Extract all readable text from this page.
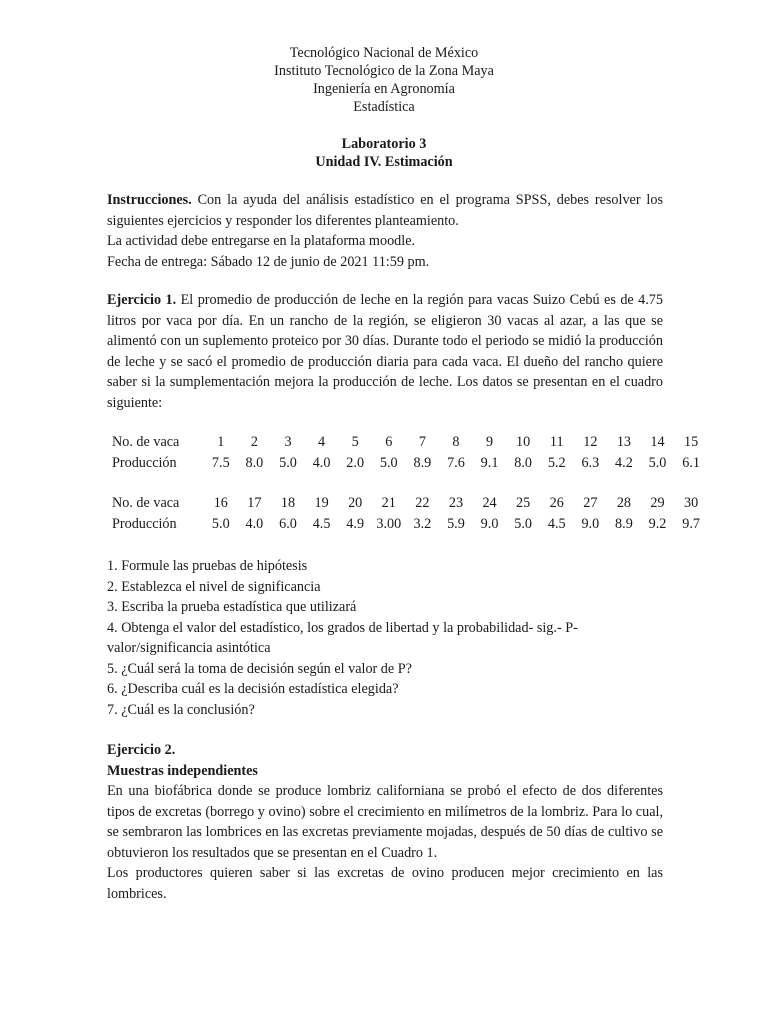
Tecnológico Nacional de México
Instituto Tecnológico de la Zona Maya
Ingeniería en Agronomía
Estadística
Laboratorio 3
Unidad IV. Estimación
Instrucciones. Con la ayuda del análisis estadístico en el programa SPSS, debes resolver los siguientes ejercicios y responder los diferentes planteamiento.
La actividad debe entregarse en la plataforma moodle.
Fecha de entrega: Sábado 12 de junio de 2021 11:59 pm.
Ejercicio 1. El promedio de producción de leche en la región para vacas Suizo Cebú es de 4.75 litros por vaca por día. En un rancho de la región, se eligieron 30 vacas al azar, a las que se alimentó con un suplemento proteico por 30 días. Durante todo el periodo se midió la producción de leche y se sacó el promedio de producción diaria para cada vaca. El dueño del rancho quiere saber si la sumplementación mejora la producción de leche. Los datos se presentan en el cuadro siguiente:
No. de vaca	1	2	3	4	5	6	7	8	9	10	11	12	13	14	15
Producción	7.5	8.0	5.0	4.0	2.0	5.0	8.9	7.6	9.1	8.0	5.2	6.3	4.2	5.0	6.1
No. de vaca	16	17	18	19	20	21	22	23	24	25	26	27	28	29	30
Producción	5.0	4.0	6.0	4.5	4.9	3.00	3.2	5.9	9.0	5.0	4.5	9.0	8.9	9.2	9.7
1. Formule las pruebas de hipótesis
2. Establezca el nivel de significancia
3. Escriba la prueba estadística que utilizará
4. Obtenga el valor del estadístico, los grados de libertad y la probabilidad- sig.- P-valor/significancia asintótica
5. ¿Cuál será la toma de decisión según el valor de P?
6. ¿Describa cuál es la decisión estadística elegida?
7. ¿Cuál es la conclusión?
Ejercicio 2.
Muestras independientes
En una biofábrica donde se produce lombriz californiana se probó el efecto de dos diferentes tipos de excretas (borrego y ovino) sobre el crecimiento en milímetros de la lombriz. Para lo cual, se sembraron las lombrices en las excretas previamente mojadas, después de 50 días de cultivo se obtuvieron los resultados que se presentan en el Cuadro 1.
Los productores quieren saber si las excretas de ovino producen mejor crecimiento en las lombrices.
